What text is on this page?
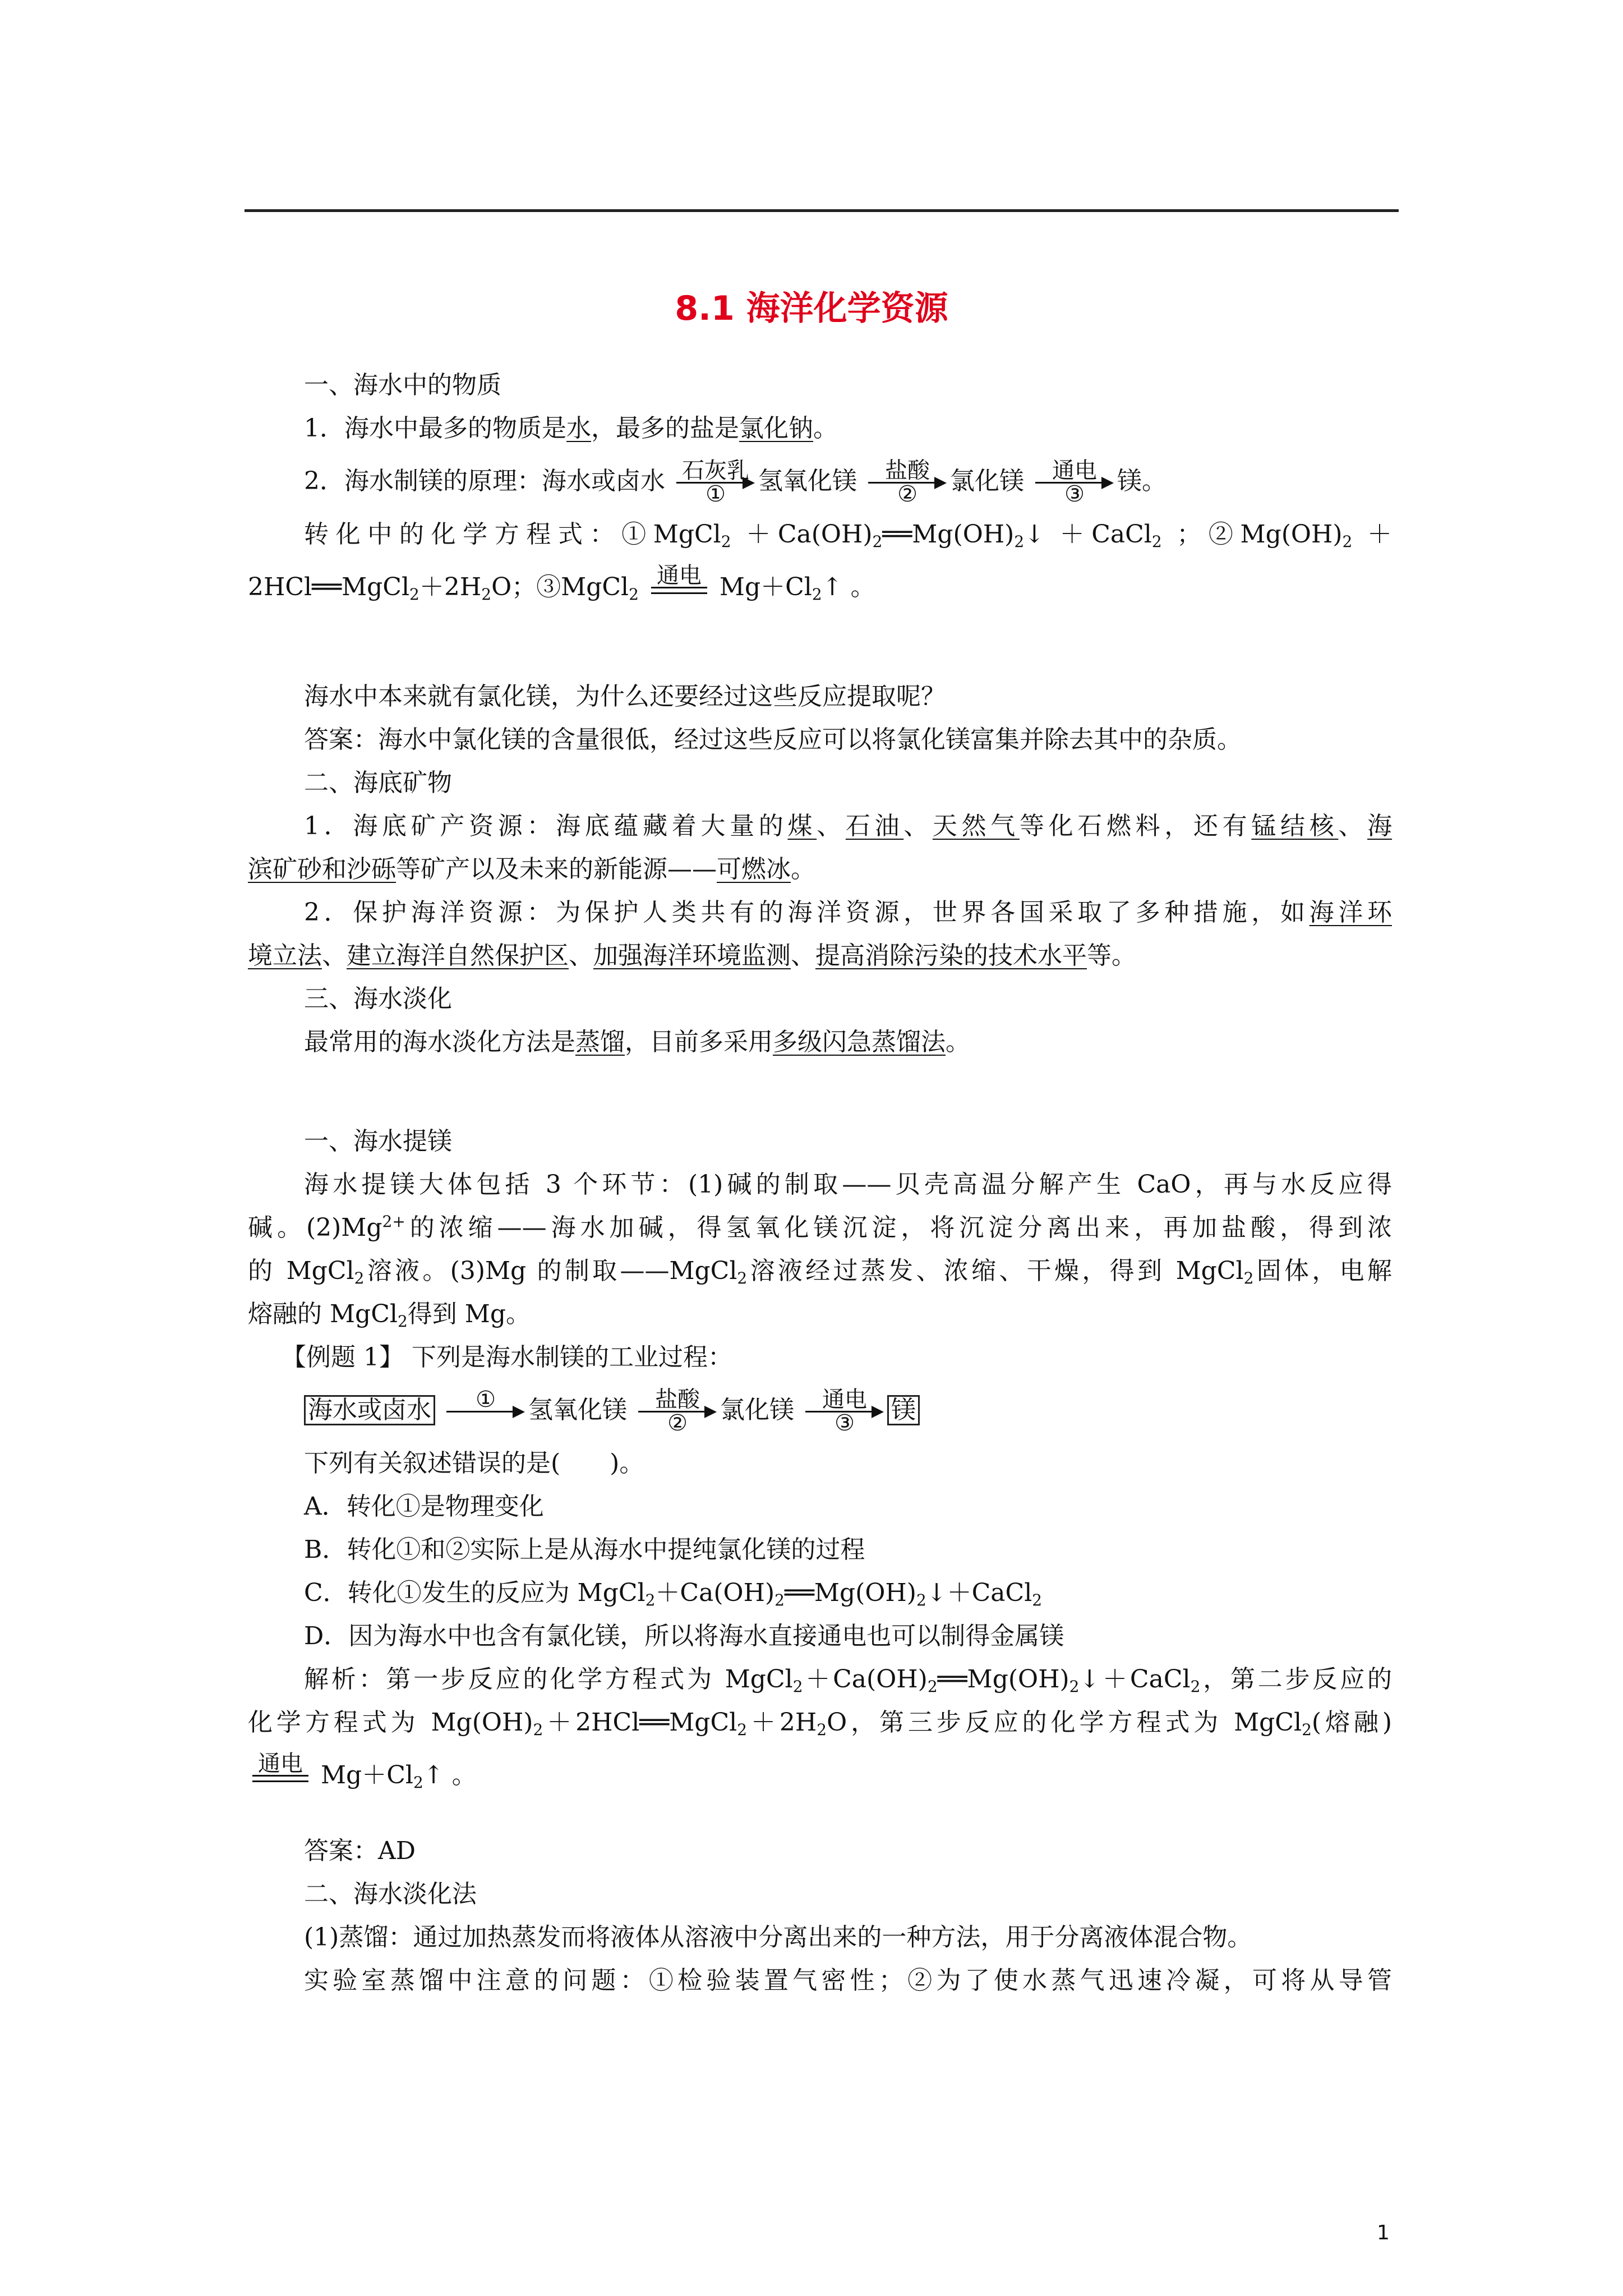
8.1 海洋化学资源
一、海水中的物质
1．海水中最多的物质是水，最多的盐是氯化钠。
2．海水制镁的原理：海水或卤水 石灰乳
①	氢氧化镁	盐酸
②	氯化镁	通电
③	镁。
转化中的化学方程式：①MgCl$_2$ $+Ca(OH)_2══Mg(OH)_2↓$ ＋CaCl$_2$ ；$②Mg(OH)_2$ ＋
$2HCl══MgCl_2+2H_2O$；③MgCl$_2$
通电 $Mg+Cl_2↑$ 。
海水中本来就有氯化镁，为什么还要经过这些反应提取呢？
答案：海水中氯化镁的含量很低，经过这些反应可以将氯化镁富集并除去其中的杂质。
二、海底矿物
1．海底矿产资源：海底蕴藏着大量的煤、石油、天然气等化石燃料，还有锰结核、海
滨矿砂和沙砾等矿产以及未来的新能源——可燃冰。
2．保护海洋资源：为保护人类共有的海洋资源，世界各国采取了多种措施，如海洋环
境立法、建立海洋自然保护区、加强海洋环境监测、提高消除污染的技术水平等。
三、海水淡化
最常用的海水淡化方法是蒸馏，目前多采用多级闪急蒸馏法。
一、海水提镁
海水提镁大体包括 3 个环节：(1)碱的制取——贝壳高温分解产生 CaO，再与水反应得
碱。$(2)Mg^{2+}$的浓缩——海水加碱，得氢氧化镁沉淀，将沉淀分离出来，再加盐酸，得到浓
的 MgCl$_2$溶液。(3)Mg 的制取——MgCl$_2$溶液经过蒸发、浓缩、干燥，得到 MgCl$_2$固体，电解
熔融的 MgCl$_2$得到 Mg。
【例题 1】 下列是海水制镁的工业过程：
海水或卤水	①	氢氧化镁	盐酸
②	氯化镁	通电
③	镁
下列有关叙述错误的是(　　)。
A．转化①是物理变化
B．转化①和②实际上是从海水中提纯氯化镁的过程
C．转化①发生的反应为 $MgCl_2+Ca(OH)_2══Mg(OH)_2↓+CaCl_2$
D．因为海水中也含有氯化镁，所以将海水直接通电也可以制得金属镁
解析：第一步反应的化学方程式为 $MgCl_2+Ca(OH)_2══Mg(OH)_2↓+CaCl_2$，第二步反应的
化学方程式为 $Mg(OH)_2+2HCl══MgCl_2+2H_2O$，第三步反应的化学方程式为 MgCl$_2$(熔融)
通电 $Mg+Cl_2↑$ 。
答案：AD
二、海水淡化法
(1)蒸馏：通过加热蒸发而将液体从溶液中分离出来的一种方法，用于分离液体混合物。
实验室蒸馏中注意的问题：①检验装置气密性；②为了使水蒸气迅速冷凝，可将从导管
1
